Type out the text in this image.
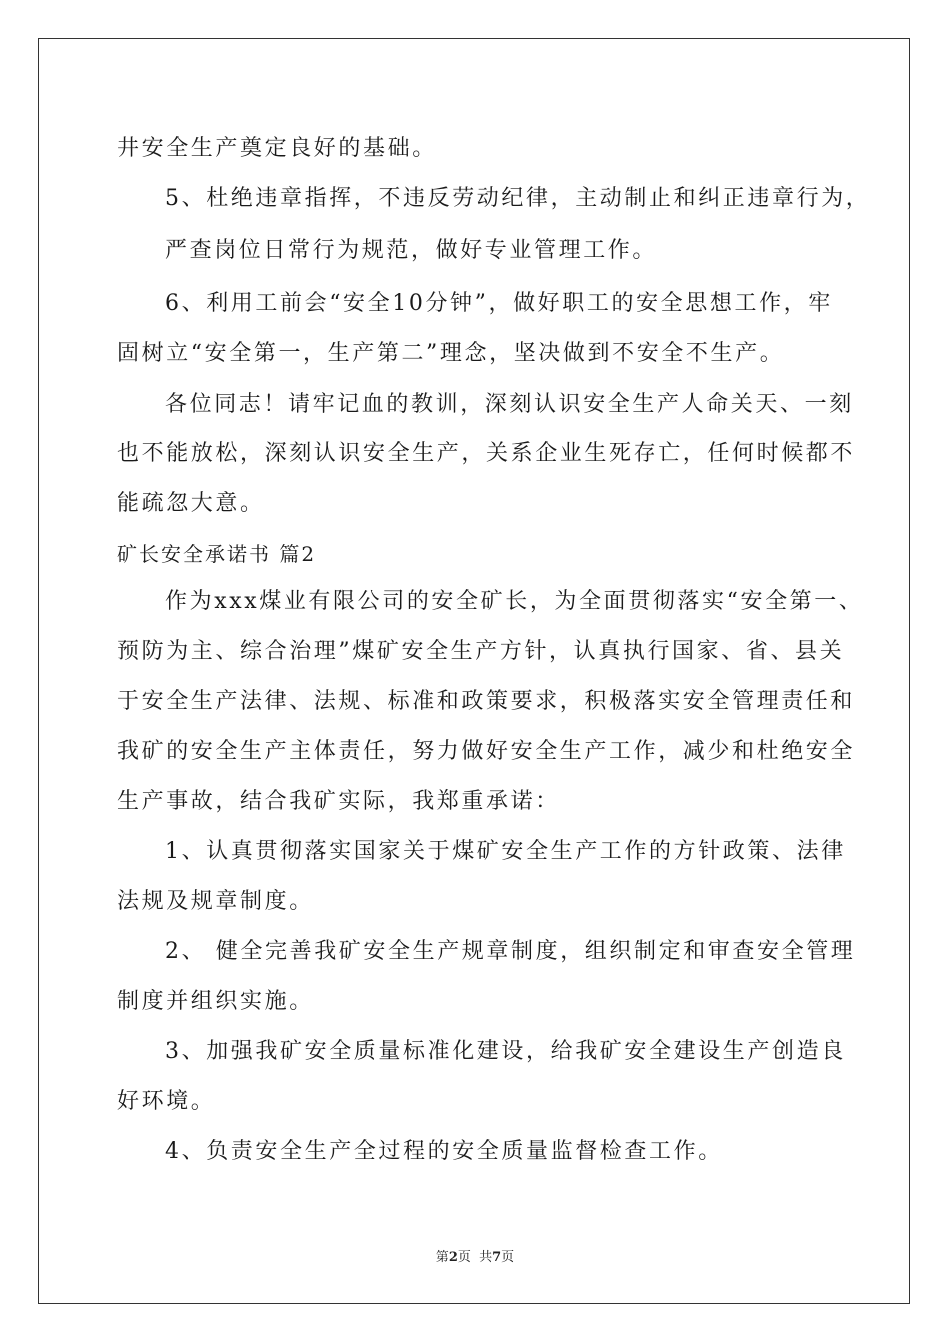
井安全生产奠定良好的基础。
5、杜绝违章指挥，不违反劳动纪律，主动制止和纠正违章行为，
严查岗位日常行为规范，做好专业管理工作。
6、利用工前会“安全10分钟”，做好职工的安全思想工作，牢
固树立“安全第一，生产第二”理念，坚决做到不安全不生产。
各位同志！请牢记血的教训，深刻认识安全生产人命关天、一刻
也不能放松，深刻认识安全生产，关系企业生死存亡，任何时候都不
能疏忽大意。
矿长安全承诺书 篇2
作为xxx煤业有限公司的安全矿长，为全面贯彻落实“安全第一、
预防为主、综合治理”煤矿安全生产方针，认真执行国家、省、县关
于安全生产法律、法规、标准和政策要求，积极落实安全管理责任和
我矿的安全生产主体责任，努力做好安全生产工作，减少和杜绝安全
生产事故，结合我矿实际，我郑重承诺：
1、认真贯彻落实国家关于煤矿安全生产工作的方针政策、法律
法规及规章制度。
2、 健全完善我矿安全生产规章制度，组织制定和审查安全管理
制度并组织实施。
3、加强我矿安全质量标准化建设，给我矿安全建设生产创造良
好环境。
4、负责安全生产全过程的安全质量监督检查工作。
第2页  共7页
